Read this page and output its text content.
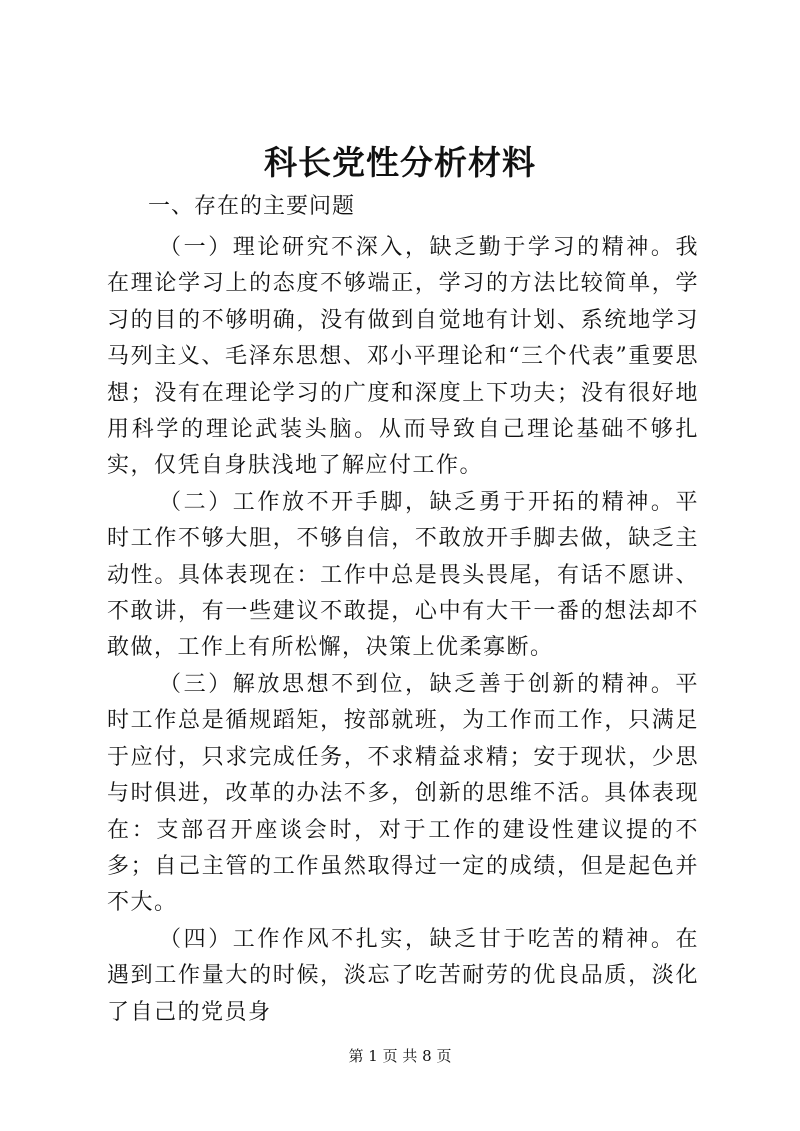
科长党性分析材料
一、存在的主要问题

（一）理论研究不深入，缺乏勤于学习的精神。我在理论学习上的态度不够端正，学习的方法比较简单，学习的目的不够明确，没有做到自觉地有计划、系统地学习马列主义、毛泽东思想、邓小平理论和“三个代表”重要思想；没有在理论学习的广度和深度上下功夫；没有很好地用科学的理论武装头脑。从而导致自己理论基础不够扎实，仅凭自身肤浅地了解应付工作。

（二）工作放不开手脚，缺乏勇于开拓的精神。平时工作不够大胆，不够自信，不敢放开手脚去做，缺乏主动性。具体表现在：工作中总是畏头畏尾，有话不愿讲、不敢讲，有一些建议不敢提，心中有大干一番的想法却不敢做，工作上有所松懈，决策上优柔寡断。

（三）解放思想不到位，缺乏善于创新的精神。平时工作总是循规蹈矩，按部就班，为工作而工作，只满足于应付，只求完成任务，不求精益求精；安于现状，少思与时俱进，改革的办法不多，创新的思维不活。具体表现在：支部召开座谈会时，对于工作的建设性建议提的不多；自己主管的工作虽然取得过一定的成绩，但是起色并不大。

（四）工作作风不扎实，缺乏甘于吃苦的精神。在遇到工作量大的时候，淡忘了吃苦耐劳的优良品质，淡化了自己的党员身

第 1 页 共 8 页
